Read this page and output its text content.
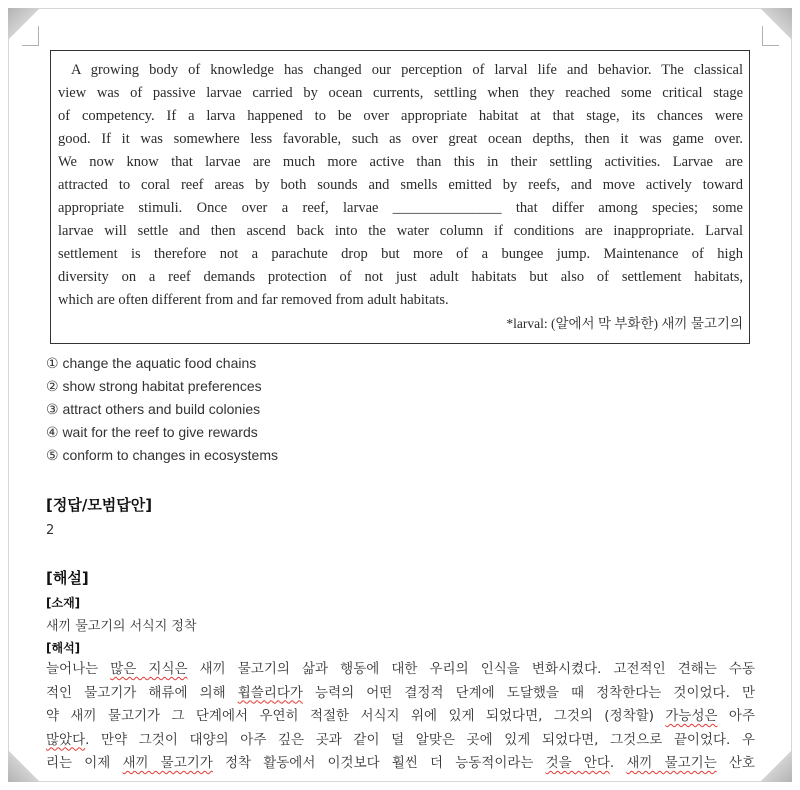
A growing body of knowledge has changed our perception of larval life and behavior. The classical
view was of passive larvae carried by ocean currents, settling when they reached some critical stage
of competency. If a larva happened to be over appropriate habitat at that stage, its chances were
good. If it was somewhere less favorable, such as over great ocean depths, then it was game over.
We now know that larvae are much more active than this in their settling activities. Larvae are
attracted to coral reef areas by both sounds and smells emitted by reefs, and move actively toward
appropriate stimuli. Once over a reef, larvae _______________ that differ among species; some
larvae will settle and then ascend back into the water column if conditions are inappropriate. Larval
settlement is therefore not a parachute drop but more of a bungee jump. Maintenance of high
diversity on a reef demands protection of not just adult habitats but also of settlement habitats,
which are often different from and far removed from adult habitats.
*larval: (알에서 막 부화한) 새끼 물고기의
① change the aquatic food chains
② show strong habitat preferences
③ attract others and build colonies
④ wait for the reef to give rewards
⑤ conform to changes in ecosystems
[정답/모범답안]
2
[해설]
[소재]
새끼 물고기의 서식지 정착
[해석]
늘어나는 많은 지식은 새끼 물고기의 삶과 행동에 대한 우리의 인식을 변화시켰다. 고전적인 견해는 수동
적인 물고기가 해류에 의해 휩쓸리다가 능력의 어떤 결정적 단계에 도달했을 때 정착한다는 것이었다. 만
약 새끼 물고기가 그 단계에서 우연히 적절한 서식지 위에 있게 되었다면, 그것의 (정착할) 가능성은 아주
많았다. 만약 그것이 대양의 아주 깊은 곳과 같이 덜 알맞은 곳에 있게 되었다면, 그것으로 끝이었다. 우
리는 이제 새끼 물고기가 정착 활동에서 이것보다 훨씬 더 능동적이라는 것을 안다. 새끼 물고기는 산호
